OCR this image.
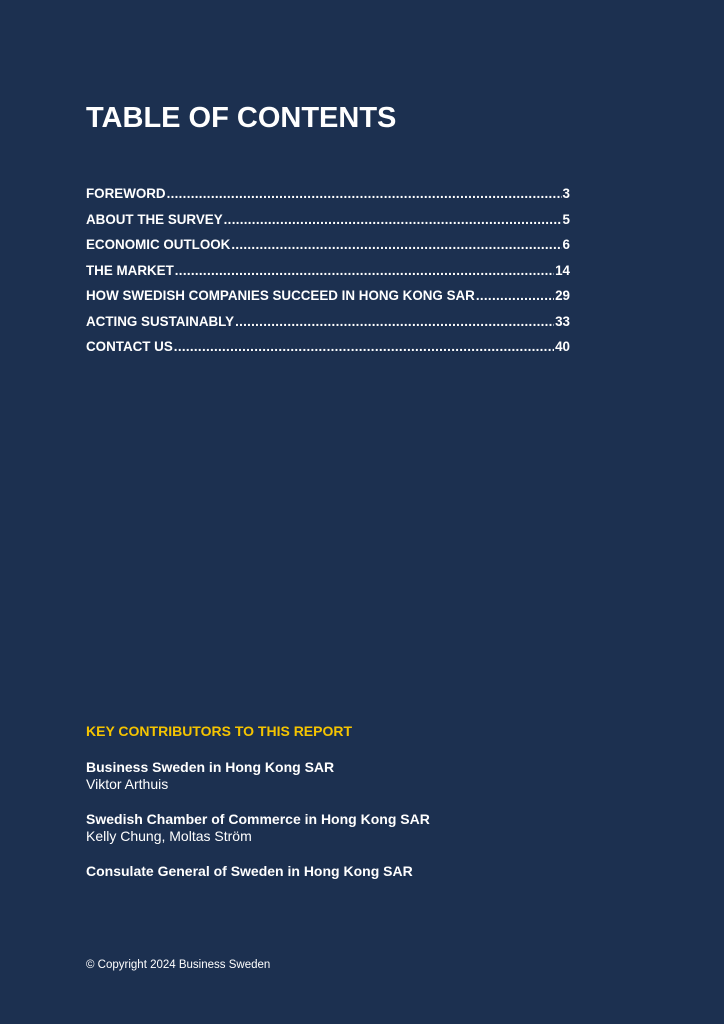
TABLE OF CONTENTS
FOREWORD .....	3
ABOUT THE SURVEY .....	5
ECONOMIC OUTLOOK .....	6
THE MARKET .....	14
HOW SWEDISH COMPANIES SUCCEED IN HONG KONG SAR .....	29
ACTING SUSTAINABLY .....	33
CONTACT US .....	40
KEY CONTRIBUTORS TO THIS REPORT
Business Sweden in Hong Kong SAR
Viktor Arthuis
Swedish Chamber of Commerce in Hong Kong SAR
Kelly Chung, Moltas Ström
Consulate General of Sweden in Hong Kong SAR
© Copyright 2024 Business Sweden
